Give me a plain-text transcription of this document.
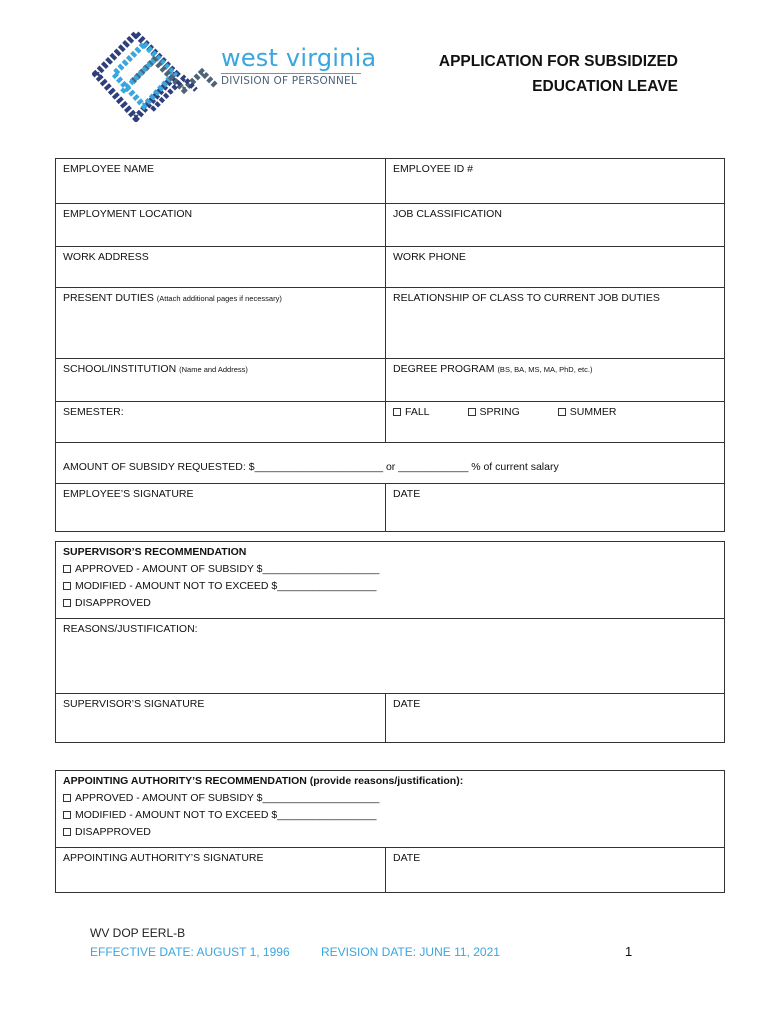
west virginia
DIVISION OF PERSONNEL
APPLICATION FOR SUBSIDIZED
EDUCATION LEAVE
EMPLOYEE NAME	EMPLOYEE ID #
EMPLOYMENT LOCATION	JOB CLASSIFICATION
WORK ADDRESS	WORK PHONE
PRESENT DUTIES (Attach additional pages if necessary)	RELATIONSHIP OF CLASS TO CURRENT JOB DUTIES
SCHOOL/INSTITUTION (Name and Address)	DEGREE PROGRAM (BS, BA, MS, MA, PhD, etc.)
SEMESTER:	FALL	SPRING	SUMMER
AMOUNT OF SUBSIDY REQUESTED: $______________________ or ____________ % of current salary
EMPLOYEE’S SIGNATURE	DATE
SUPERVISOR’S RECOMMENDATION
APPROVED - AMOUNT OF SUBSIDY $____________________
MODIFIED - AMOUNT NOT TO EXCEED $_________________
DISAPPROVED
REASONS/JUSTIFICATION:
SUPERVISOR’S SIGNATURE	DATE
APPOINTING AUTHORITY’S RECOMMENDATION (provide reasons/justification):
APPROVED - AMOUNT OF SUBSIDY $____________________
MODIFIED - AMOUNT NOT TO EXCEED $_________________
DISAPPROVED
APPOINTING AUTHORITY’S SIGNATURE	DATE
WV DOP EERL-B
EFFECTIVE DATE: AUGUST 1, 1996	REVISION DATE: JUNE 11, 2021	1
